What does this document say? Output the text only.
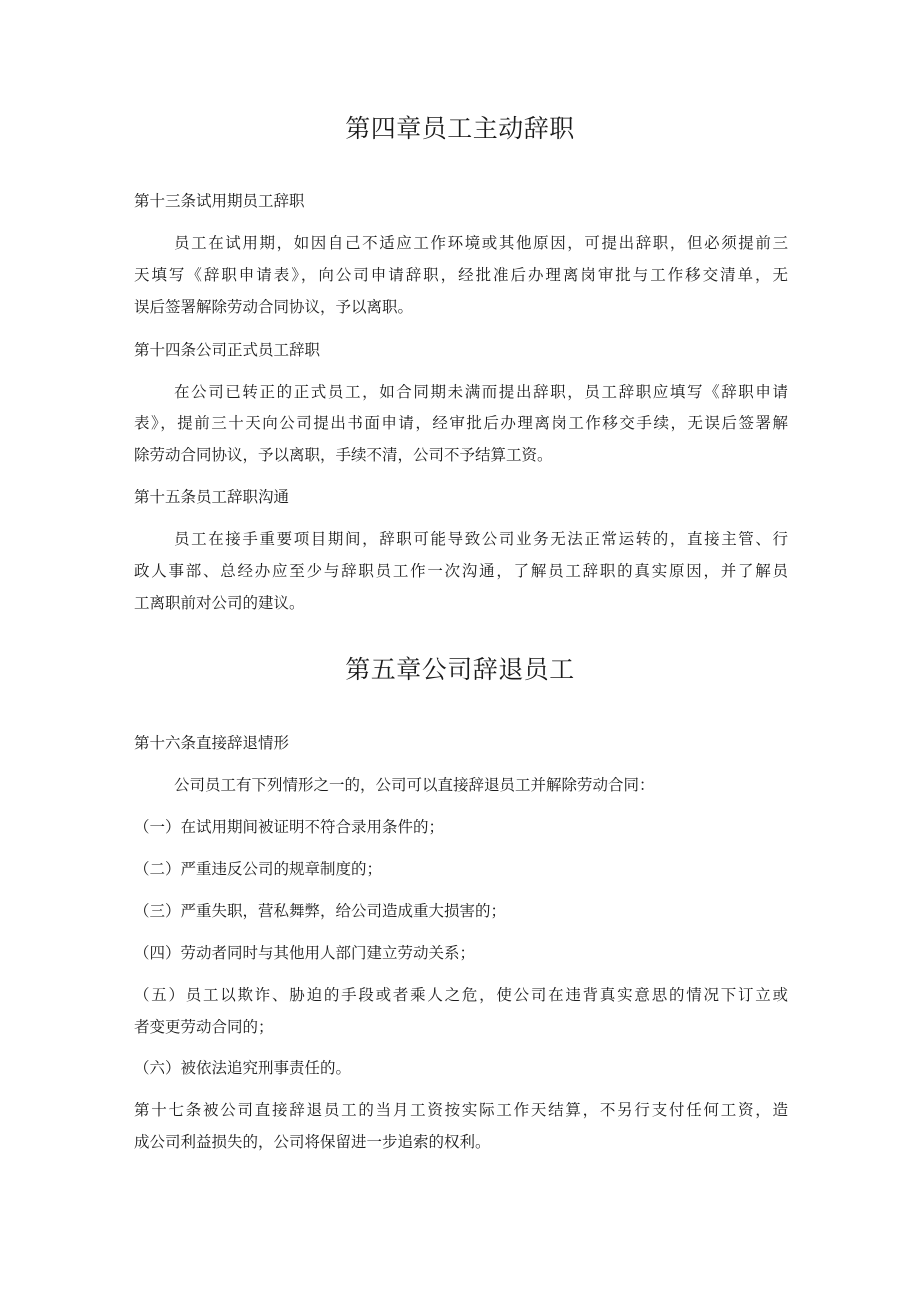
第四章员工主动辞职
第十三条试用期员工辞职
员工在试用期，如因自己不适应工作环境或其他原因，可提出辞职，但必须提前三
天填写《辞职申请表》，向公司申请辞职，经批准后办理离岗审批与工作移交清单，无
误后签署解除劳动合同协议，予以离职。
第十四条公司正式员工辞职
在公司已转正的正式员工，如合同期未满而提出辞职，员工辞职应填写《辞职申请
表》，提前三十天向公司提出书面申请，经审批后办理离岗工作移交手续，无误后签署解
除劳动合同协议，予以离职，手续不清，公司不予结算工资。
第十五条员工辞职沟通
员工在接手重要项目期间，辞职可能导致公司业务无法正常运转的，直接主管、行
政人事部、总经办应至少与辞职员工作一次沟通，了解员工辞职的真实原因，并了解员
工离职前对公司的建议。
第五章公司辞退员工
第十六条直接辞退情形
公司员工有下列情形之一的，公司可以直接辞退员工并解除劳动合同：
（一）在试用期间被证明不符合录用条件的；
（二）严重违反公司的规章制度的；
（三）严重失职，营私舞弊，给公司造成重大损害的；
（四）劳动者同时与其他用人部门建立劳动关系；
（五）员工以欺诈、胁迫的手段或者乘人之危，使公司在违背真实意思的情况下订立或
者变更劳动合同的；
（六）被依法追究刑事责任的。
第十七条被公司直接辞退员工的当月工资按实际工作天结算，不另行支付任何工资，造
成公司利益损失的，公司将保留进一步追索的权利。
